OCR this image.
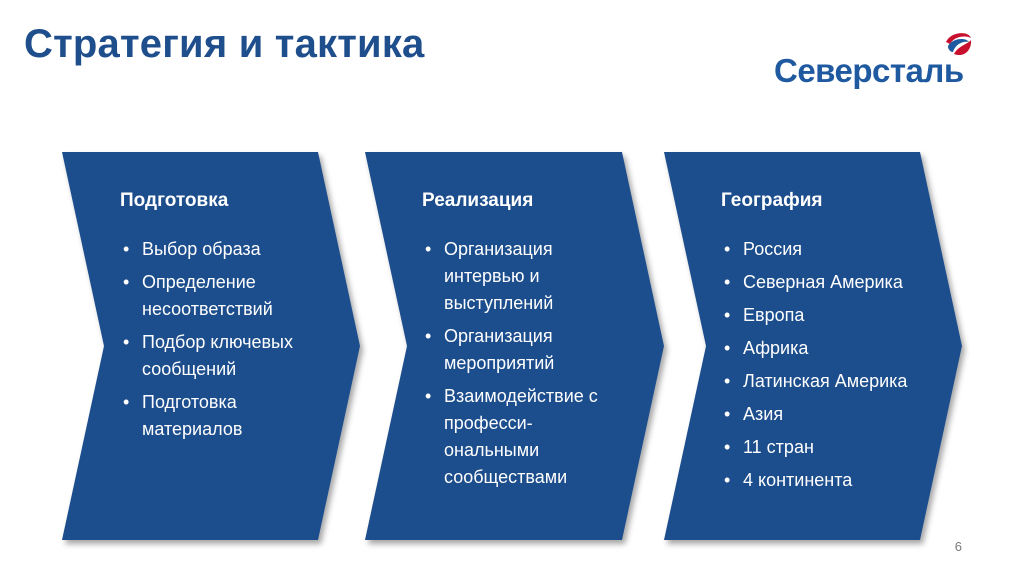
Стратегия и тактика
Северсталь
Подготовка
• Выбор образа
• Определение несоответствий
• Подбор ключевых сообщений
• Подготовка материалов
Реализация
• Организация интервью и выступлений
• Организация мероприятий
• Взаимодействие с професси-ональными сообществами
География
• Россия
• Северная Америка
• Европа
• Африка
• Латинская Америка
• Азия
• 11 стран
• 4 континента
6
